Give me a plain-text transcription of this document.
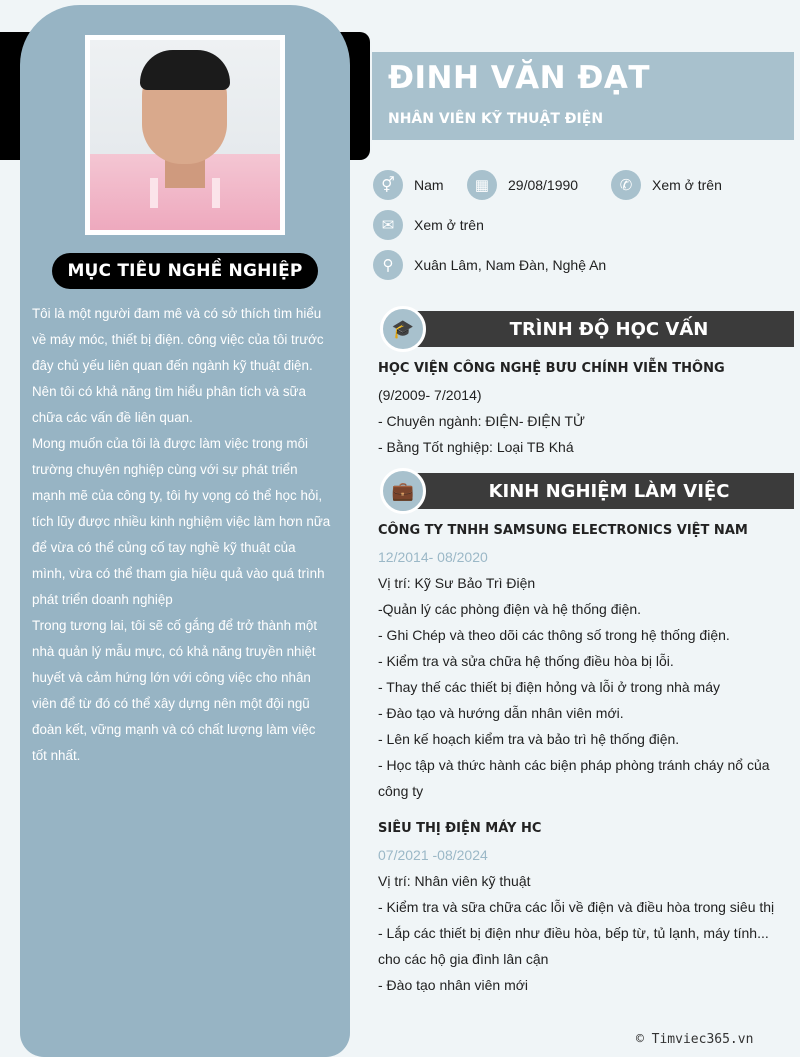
MỤC TIÊU NGHỀ NGHIỆP

Tôi là một người đam mê và có sở thích tìm hiểu

về máy móc, thiết bị điện. công việc của tôi trước

đây chủ yếu liên quan đến ngành kỹ thuật điện.

Nên tôi có khả năng tìm hiểu phân tích và sữa

chữa các vấn đề liên quan.

Mong muốn của tôi là được làm việc trong môi

trường chuyên nghiệp cùng với sự phát triển

mạnh mẽ của công ty, tôi hy vọng có thể học hỏi,

tích lũy được nhiều kinh nghiệm việc làm hơn nữa

để vừa có thể củng cố tay nghề kỹ thuật của

mình, vừa có thể tham gia hiệu quả vào quá trình

phát triển doanh nghiệp

Trong tương lai, tôi sẽ cố gắng để trở thành một

nhà quản lý mẫu mực, có khả năng truyền nhiệt

huyết và cảm hứng lớn với công việc cho nhân

viên để từ đó có thể xây dựng nên một đội ngũ

đoàn kết, vững mạnh và có chất lượng làm việc

tốt nhất.

ĐINH VĂN ĐẠT
NHÂN VIÊN KỸ THUẬT ĐIỆN
⚥	Nam	▦	29/08/1990	✆	Xem ở trên
✉	Xem ở trên
⚲	Xuân Lâm, Nam Đàn, Nghệ An
🎓	TRÌNH ĐỘ HỌC VẤN
HỌC VIỆN CÔNG NGHỆ BƯU CHÍNH VIỄN THÔNG
(9/2009- 7/2014)
- Chuyên ngành: ĐIỆN- ĐIỆN TỬ
- Bằng Tốt nghiệp: Loại TB Khá
💼	KINH NGHIỆM LÀM VIỆC
CÔNG TY TNHH SAMSUNG ELECTRONICS VIỆT NAM
12/2014- 08/2020
Vị trí: Kỹ Sư Bảo Trì Điện
-Quản lý các phòng điện và hệ thống điện.
- Ghi Chép và theo dõi các thông số trong hệ thống điện.
- Kiểm tra và sửa chữa hệ thống điều hòa bị lỗi.
- Thay thế các thiết bị điện hỏng và lỗi ở trong nhà máy
- Đào tạo và hướng dẫn nhân viên mới.
- Lên kế hoạch kiểm tra và bảo trì hệ thống điện.
- Học tập và thức hành các biện pháp phòng tránh cháy nổ của
công ty
SIÊU THỊ ĐIỆN MÁY HC
07/2021 -08/2024
Vị trí: Nhân viên kỹ thuật
- Kiểm tra và sữa chữa các lỗi về điện và điều hòa trong siêu thị
- Lắp các thiết bị điện như điều hòa, bếp từ, tủ lạnh, máy tính...
cho các hộ gia đình lân cận
- Đào tạo nhân viên mới
© Timviec365.vn
